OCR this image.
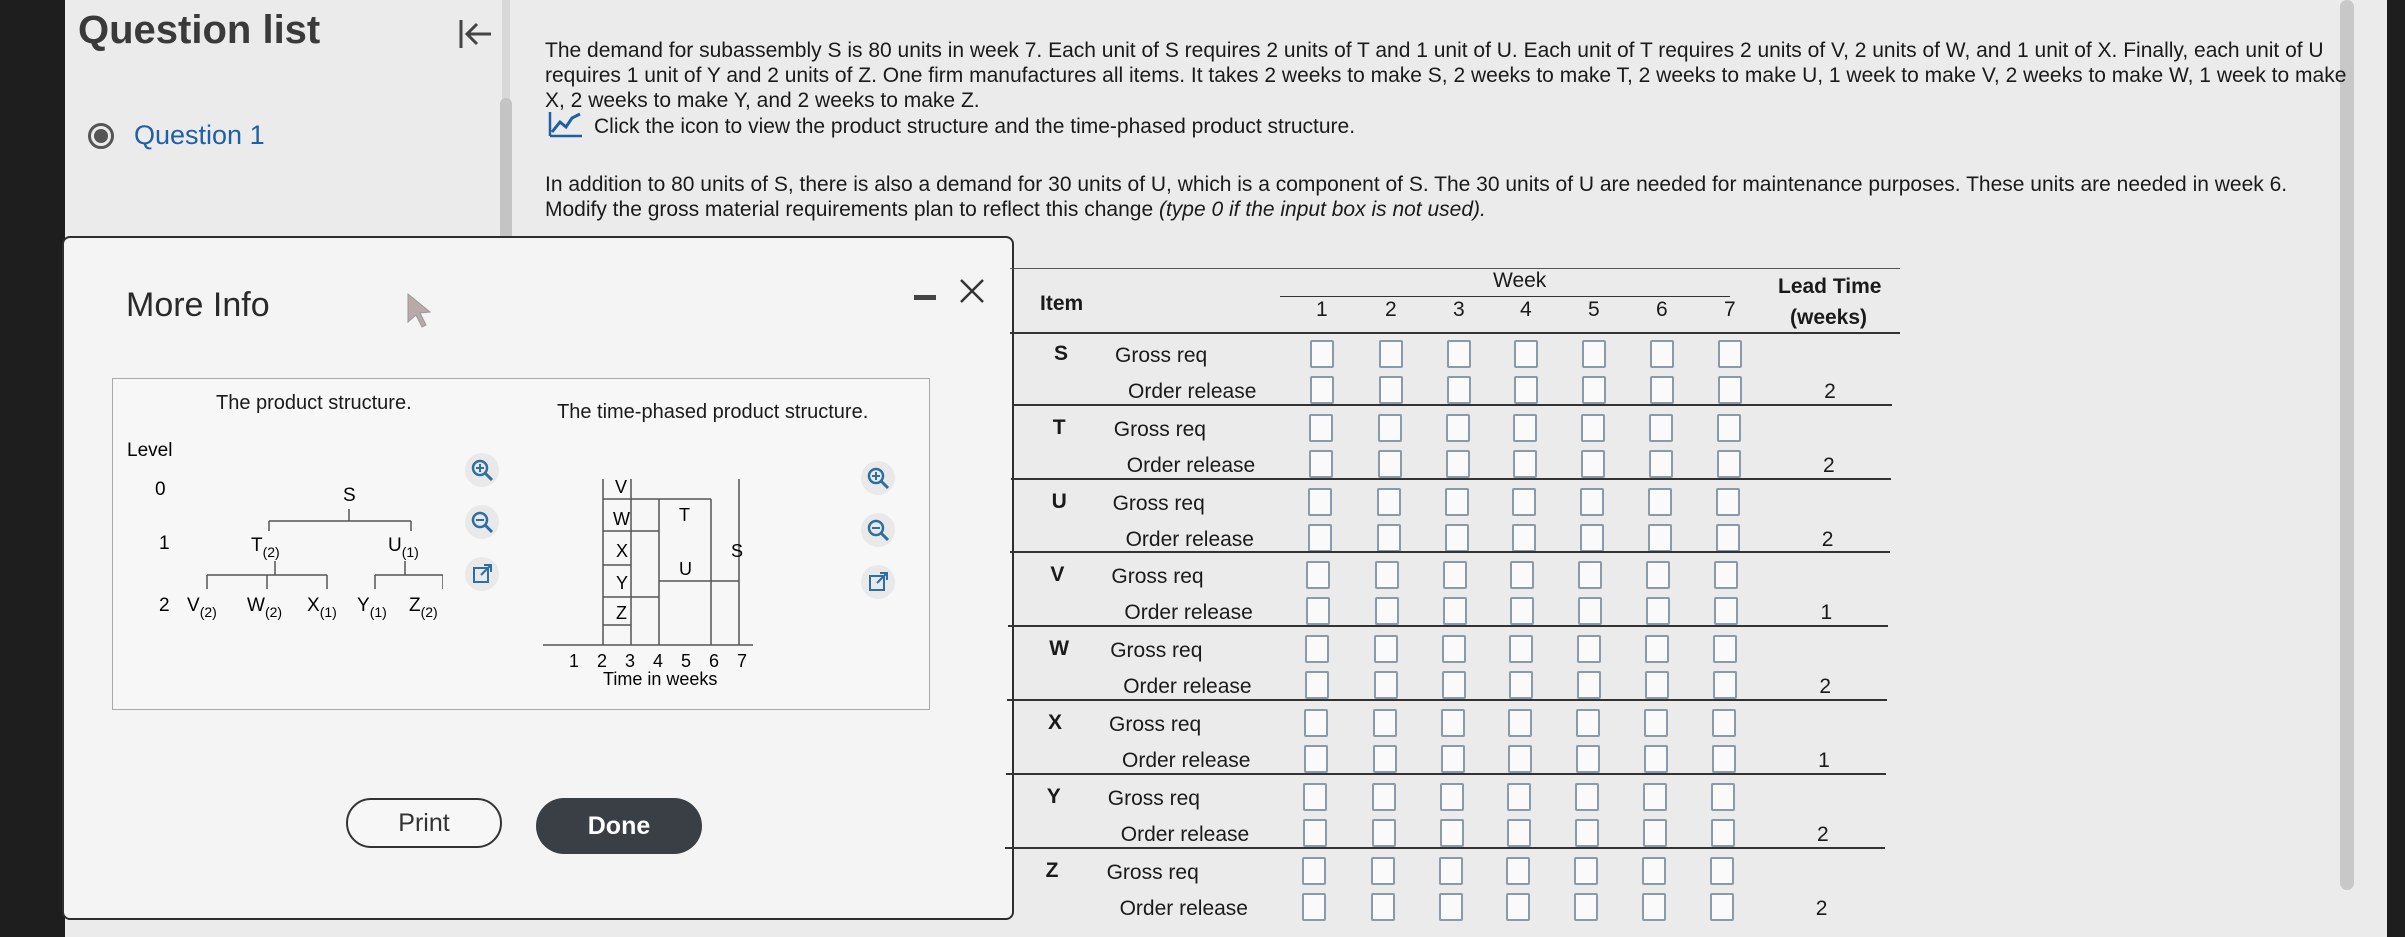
Question list
Question 1
The demand for subassembly S is 80 units in week 7. Each unit of S requires 2 units of T and 1 unit of U. Each unit of T requires 2 units of V, 2 units of W, and 1 unit of X. Finally, each unit of U requires 1 unit of Y and 2 units of Z. One firm manufactures all items. It takes 2 weeks to make S, 2 weeks to make T, 2 weeks to make U, 1 week to make V, 2 weeks to make W, 1 week to make X, 2 weeks to make Y, and 2 weeks to make Z.
Click the icon to view the product structure and the time-phased product structure.
In addition to 80 units of S, there is also a demand for 30 units of U, which is a component of S. The 30 units of U are needed for maintenance purposes. These units are needed in week 6. Modify the gross material requirements plan to reflect this change (type 0 if the input box is not used).
More Info
The product structure.	The time-phased product structure.
Level
0
1
2
S
$T_{(2)}$	$U_{(1)}$
$V_{(2)}$ $W_{(2)}$ $X_{(1)}$ $Y_{(1)}$ $Z_{(2)}$
V
W
X
Y
Z
T
U
S
1 2 3 4 5 6 7
Time in weeks
Print	Done
Item
Week	Lead Time
(weeks)
1	2	3	4	5	6	7
S Gross req
Order release	2
T Gross req
Order release	2
U Gross req
Order release	2
V Gross req
Order release	1
W Gross req
Order release	2
X Gross req
Order release	1
Y Gross req
Order release	2
Z Gross req
Order release	2
